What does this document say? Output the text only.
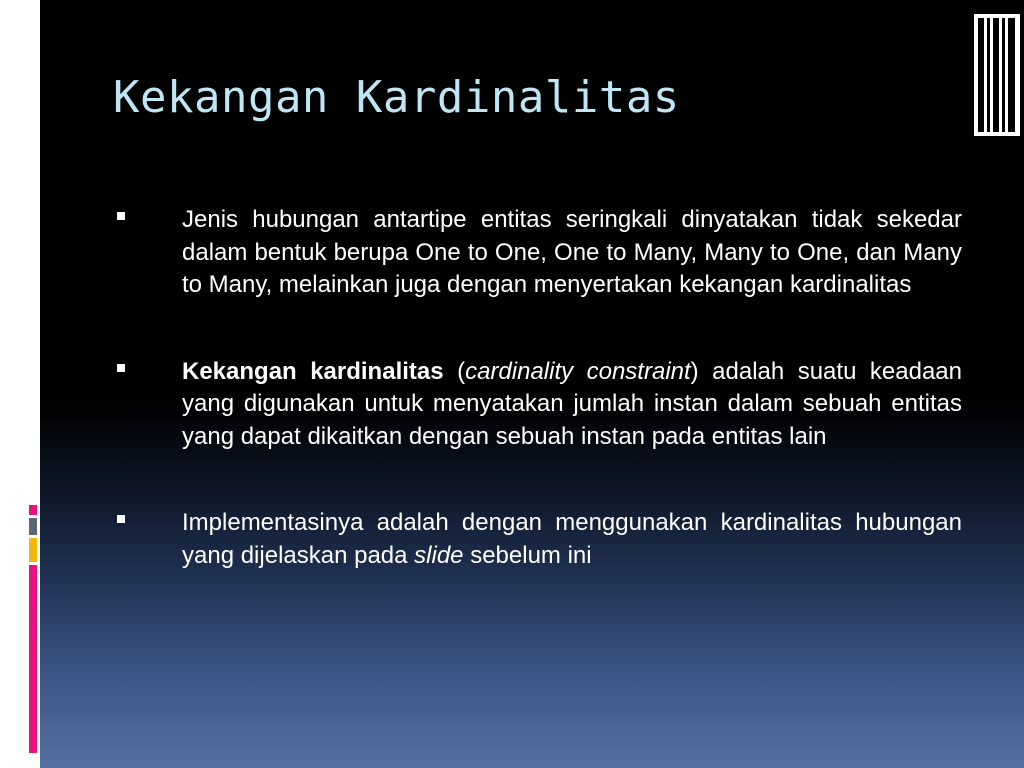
Kekangan Kardinalitas
Jenis hubungan antartipe entitas seringkali dinyatakan tidak sekedar dalam bentuk berupa One to One, One to Many, Many to One, dan Many to Many, melainkan juga dengan menyertakan kekangan kardinalitas
Kekangan kardinalitas (cardinality constraint) adalah suatu keadaan yang digunakan untuk menyatakan jumlah instan dalam sebuah entitas yang dapat dikaitkan dengan sebuah instan pada entitas lain
Implementasinya adalah dengan menggunakan kardinalitas hubungan yang dijelaskan pada slide sebelum ini
